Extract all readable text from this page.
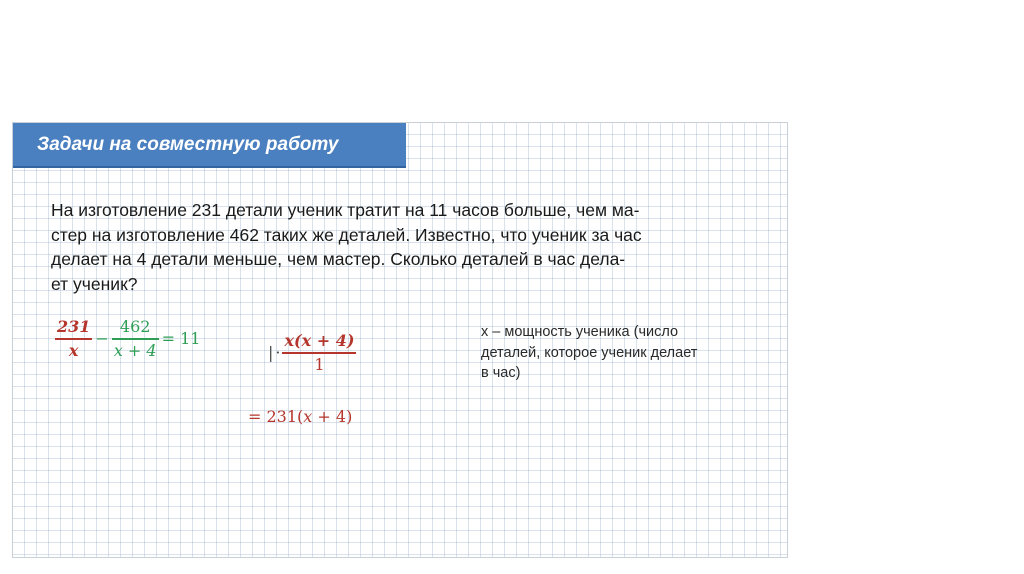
Задачи на совместную работу
На изготовление 231 детали ученик тратит на 11 часов больше, чем ма-
стер на изготовление 462 таких же деталей. Известно, что ученик за час
делает на 4 детали меньше, чем мастер. Сколько деталей в час дела-
ет ученик?
$\frac{231}{x} - \frac{462}{x + 4} = 11$
| · $\frac{x(x + 4)}{1}$
= 231(x + 4)
x – мощность ученика (число
деталей, которое ученик делает
в час)
